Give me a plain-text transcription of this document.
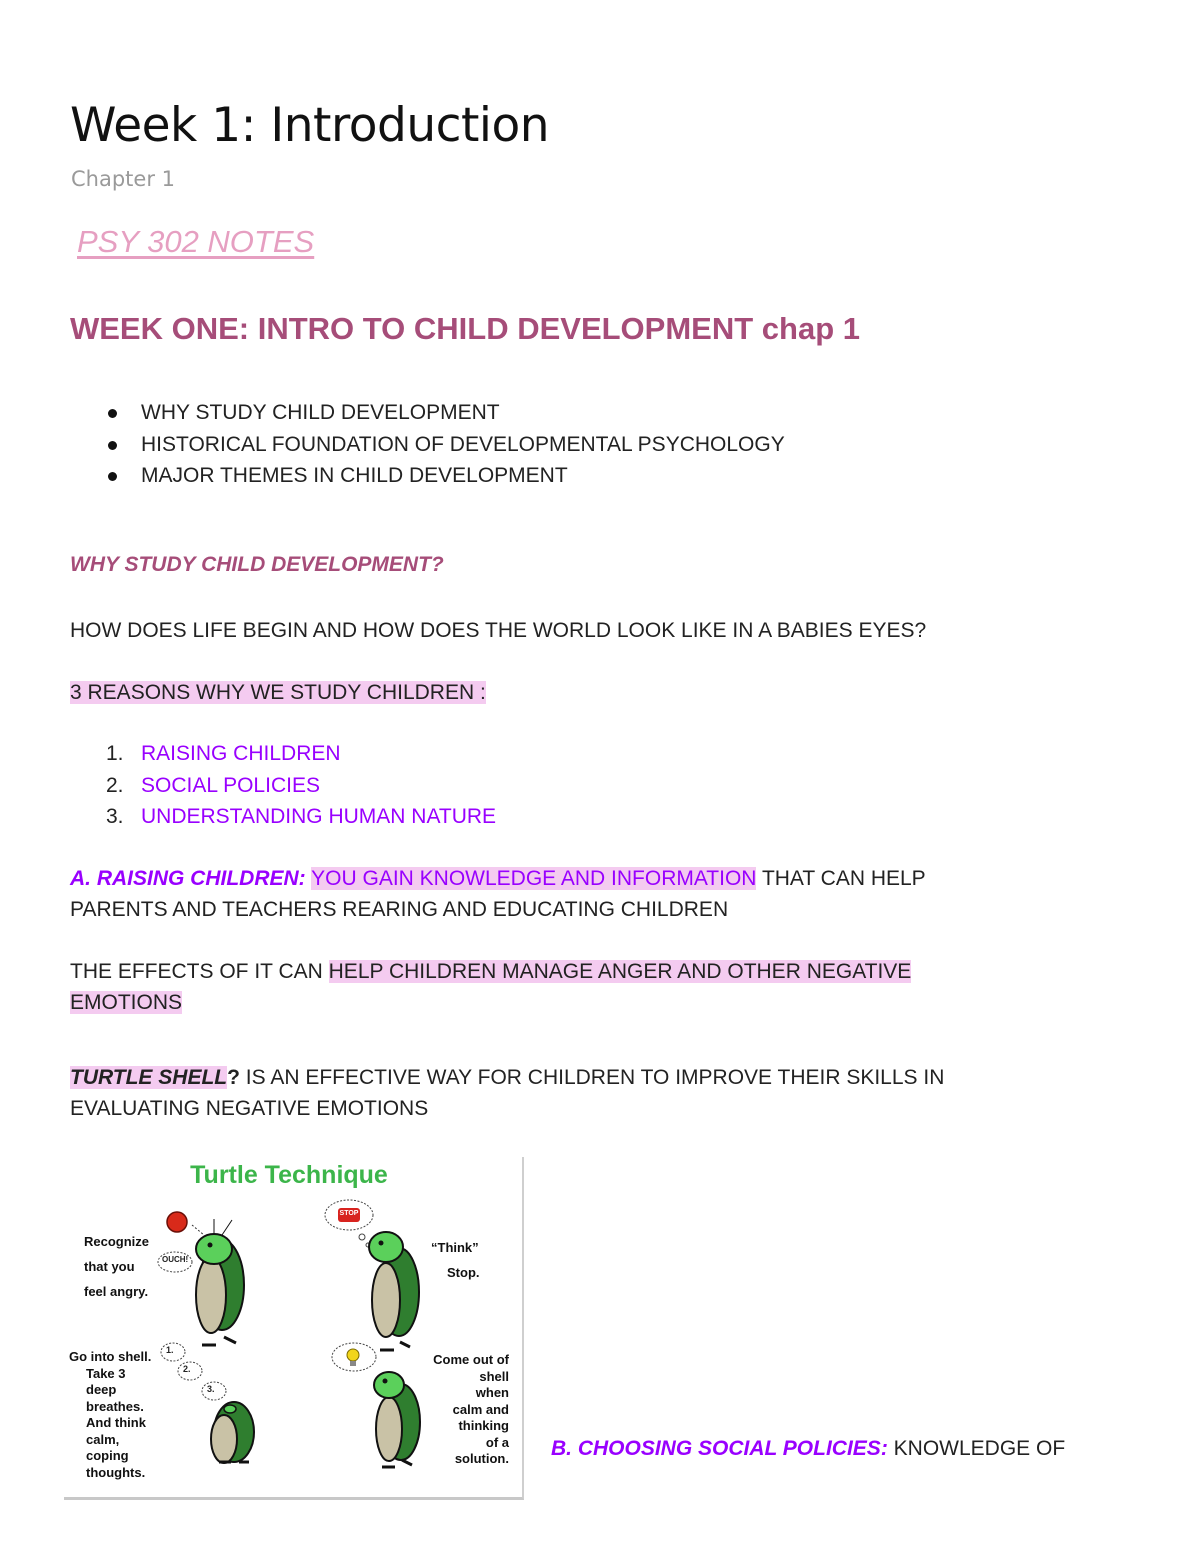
Week 1: Introduction
Chapter 1
PSY 302 NOTES
WEEK ONE: INTRO TO CHILD DEVELOPMENT chap 1
WHY STUDY CHILD DEVELOPMENT
HISTORICAL FOUNDATION OF DEVELOPMENTAL PSYCHOLOGY
MAJOR THEMES IN CHILD DEVELOPMENT
WHY STUDY CHILD DEVELOPMENT?
HOW DOES LIFE BEGIN AND HOW DOES THE WORLD LOOK LIKE IN A BABIES EYES?
3 REASONS WHY WE STUDY CHILDREN :
1. RAISING CHILDREN
2. SOCIAL POLICIES
3. UNDERSTANDING HUMAN NATURE
A. RAISING CHILDREN: YOU GAIN KNOWLEDGE AND INFORMATION THAT CAN HELP
PARENTS AND TEACHERS REARING AND EDUCATING CHILDREN
THE EFFECTS OF IT CAN HELP CHILDREN MANAGE ANGER AND OTHER NEGATIVE
EMOTIONS
TURTLE SHELL? IS AN EFFECTIVE WAY FOR CHILDREN TO IMPROVE THEIR SKILLS IN
EVALUATING NEGATIVE EMOTIONS
Turtle Technique
Recognize
that you
feel angry.
OUCH!
STOP
“Think”
Stop.
Go into shell.
Take 3
deep
breathes.
And think
calm,
coping
thoughts.
1.
2.
3.
Come out of
shell
when
calm and
thinking
of a
solution. B. CHOOSING SOCIAL POLICIES: KNOWLEDGE OF
